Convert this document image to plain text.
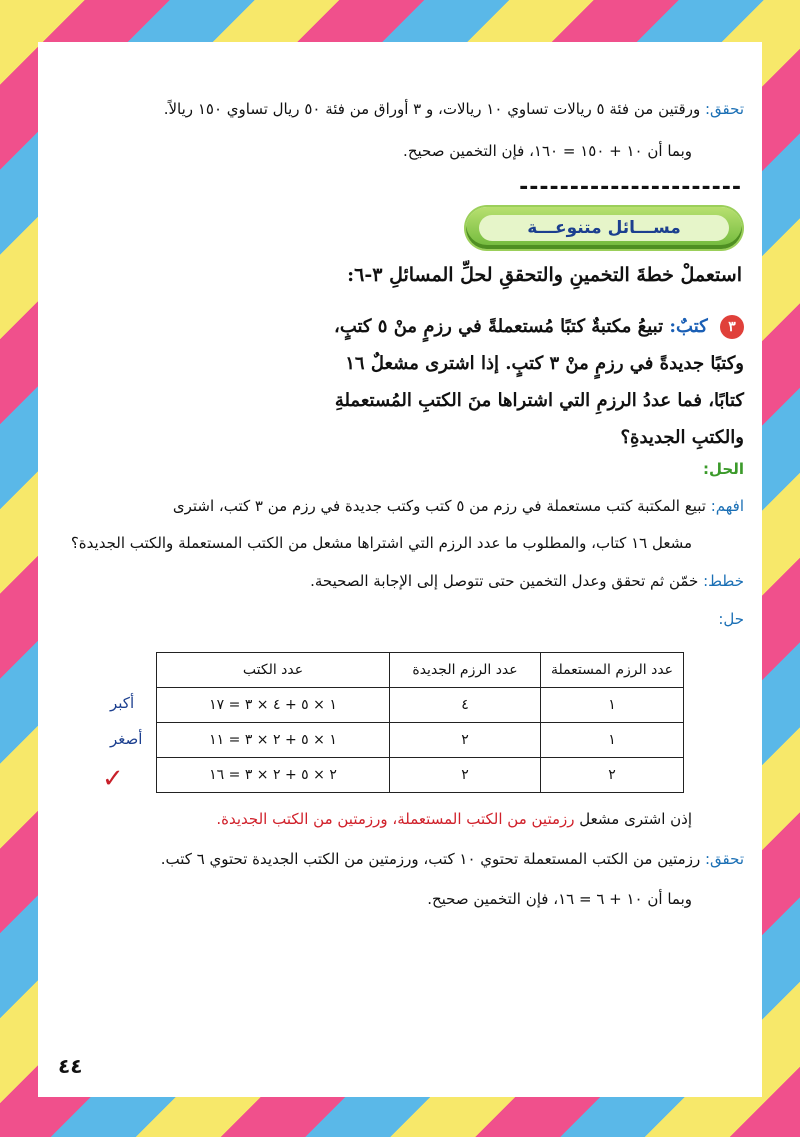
تحقق: ورقتين من فئة ٥ ريالات تساوي ١٠ ريالات، و ٣ أوراق من فئة ٥٠ ريال تساوي ١٥٠ ريالاً.
وبما أن ١٠ + ١٥٠ = ١٦٠، فإن التخمين صحيح.
----------------------
مســـائل متنوعـــة
استعملْ خطةَ التخمينِ والتحققِ لحلِّ المسائلِ ٣-٦:
٣ كتبٌ: تبيعُ مكتبةٌ كتبًا مُستعملةً في رزمٍ منْ ٥ كتبٍ، وكتبًا جديدةً في رزمٍ منْ ٣ كتبٍ. إذا اشترى مشعلٌ ١٦ كتابًا، فما عددُ الرزمِ التي اشتراها منَ الكتبِ المُستعملةِ والكتبِ الجديدةِ؟
الحل:
افهم: تبيع المكتبة كتب مستعملة في رزم من ٥ كتب وكتب جديدة في رزم من ٣ كتب، اشترى
مشعل ١٦ كتاب، والمطلوب ما عدد الرزم التي اشتراها مشعل من الكتب المستعملة والكتب الجديدة؟
خطط: خمّن ثم تحقق وعدل التخمين حتى تتوصل إلى الإجابة الصحيحة.
حل:
عدد الرزم المستعملة	عدد الرزم الجديدة	عدد الكتب
١	٤	١ × ٥ + ٤ × ٣ = ١٧
١	٢	١ × ٥ + ٢ × ٣ = ١١
٢	٢	٢ × ٥ + ٢ × ٣ = ١٦
أكبر
أصغر
✓
إذن اشترى مشعل رزمتين من الكتب المستعملة، ورزمتين من الكتب الجديدة.
تحقق: رزمتين من الكتب المستعملة تحتوي ١٠ كتب، ورزمتين من الكتب الجديدة تحتوي ٦ كتب.
وبما أن ١٠ + ٦ = ١٦، فإن التخمين صحيح.
٤٤
